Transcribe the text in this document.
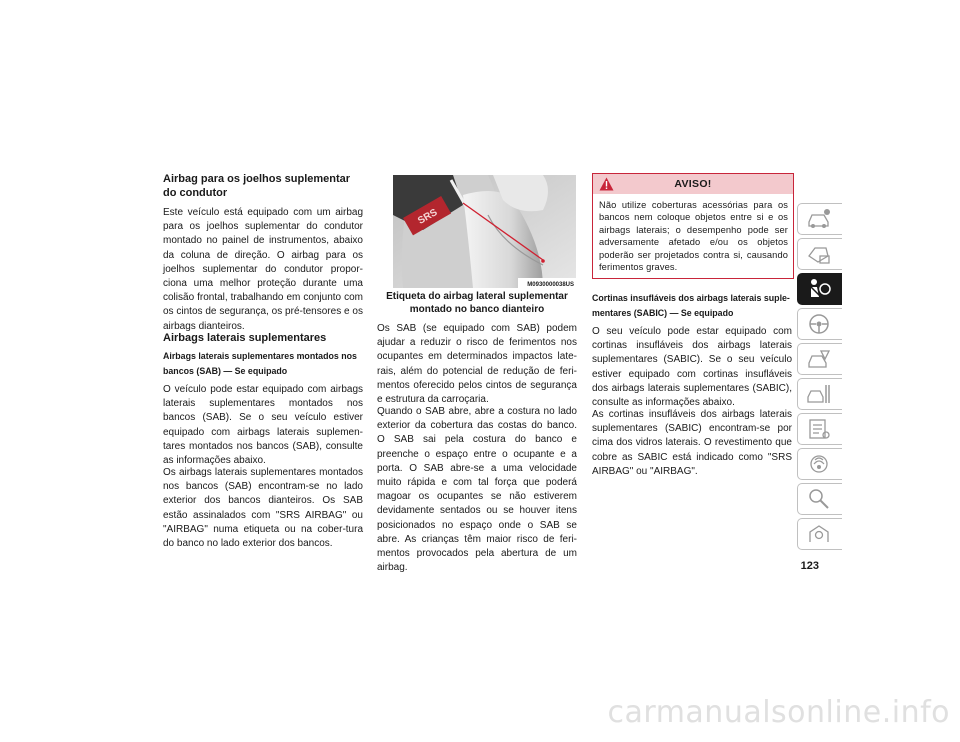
Airbag para os joelhos suplementar do condutor

Este veículo está equipado com um airbag para os joelhos suplementar do condutor montado no painel de instrumentos, abaixo da coluna de direção. O airbag para os joelhos suplementar do condutor propor-ciona uma melhor proteção durante uma colisão frontal, trabalhando em conjunto com os cintos de segurança, os pré-tensores e os airbags dianteiros.

Airbags laterais suplementares
Airbags laterais suplementares montados nos bancos (SAB) — Se equipado

O veículo pode estar equipado com airbags laterais suplementares montados nos bancos (SAB). Se o seu veículo estiver equipado com airbags laterais suplemen-tares montados nos bancos (SAB), consulte as informações abaixo.

Os airbags laterais suplementares montados nos bancos (SAB) encontram-se no lado exterior dos bancos dianteiros. Os SAB estão assinalados com "SRS AIRBAG" ou "AIRBAG" numa etiqueta ou na cober-tura do banco no lado exterior dos bancos.

SRS
M0930000038US
Etiqueta do airbag lateral suplementar montado no banco dianteiro

Os SAB (se equipado com SAB) podem ajudar a reduzir o risco de ferimentos nos ocupantes em determinados impactos late-rais, além do potencial de redução de feri-mentos oferecido pelos cintos de segurança e estrutura da carroçaria.

Quando o SAB abre, abre a costura no lado exterior da cobertura das costas do banco. O SAB sai pela costura do banco e preenche o espaço entre o ocupante e a porta. O SAB abre-se a uma velocidade muito rápida e com tal força que poderá magoar os ocupantes se não estiverem devidamente sentados ou se houver itens posicionados no espaço onde o SAB se abre. As crianças têm maior risco de feri-mentos provocados pela abertura de um airbag.

AVISO!
Não utilize coberturas acessórias para os bancos nem coloque objetos entre si e os airbags laterais; o desempenho pode ser adversamente afetado e/ou os objetos poderão ser projetados contra si, causando ferimentos graves.
Cortinas insufláveis dos airbags laterais suple-mentares (SABIC) — Se equipado

O seu veículo pode estar equipado com cortinas insufláveis dos airbags laterais suplementares (SABIC). Se o seu veículo estiver equipado com cortinas insufláveis dos airbags laterais suplementares (SABIC), consulte as informações abaixo.

As cortinas insufláveis dos airbags laterais suplementares (SABIC) encontram-se por cima dos vidros laterais. O revestimento que cobre as SABIC está indicado como "SRS AIRBAG" ou "AIRBAG".

123
carmanualsonline.info
